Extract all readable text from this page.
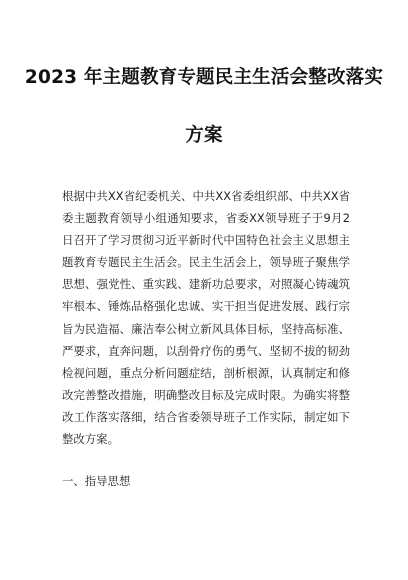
2023 年主题教育专题民主生活会整改落实
方案

根据中共XX省纪委机关、中共XX省委组织部、中共XX省委主题教育领导小组通知要求，省委XX领导班子于9月2日召开了学习贯彻习近平新时代中国特色社会主义思想主题教育专题民主生活会。民主生活会上，领导班子聚焦学思想、强党性、重实践、建新功总要求，对照凝心铸魂筑牢根本、锤炼品格强化忠诚、实干担当促进发展、践行宗旨为民造福、廉洁奉公树立新风具体目标，坚持高标准、严要求，直奔问题，以刮骨疗伤的勇气、坚韧不拔的韧劲检视问题，重点分析问题症结，剖析根源，认真制定和修改完善整改措施，明确整改目标及完成时限。为确实将整改工作落实落细，结合省委领导班子工作实际，制定如下整改方案。

一、指导思想
